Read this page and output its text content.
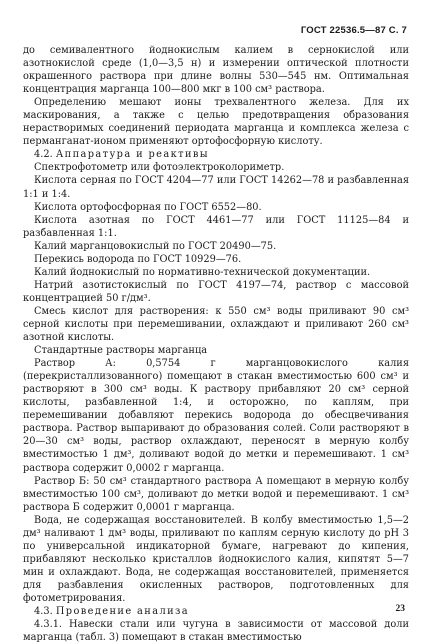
ГОСТ 22536.5—87 С. 7

до семивалентного йоднокислым калием в сернокислой или азотнокислой среде (1,0—3,5 н) и измерении оптической плотности окрашенного раствора при длине волны 530—545 нм. Оптимальная концентрация марганца 100—800 мкг в 100 см³ раствора.

Определению мешают ионы трехвалентного железа. Для их маскирования, а также с целью предотвращения образования нерастворимых соединений периодата марганца и комплекса железа с перманганат-ионом применяют ортофосфорную кислоту.

4.2. Аппаратура и реактивы

Спектрофотометр или фотоэлектроколориметр.

Кислота серная по ГОСТ 4204—77 или ГОСТ 14262—78 и разбавленная 1:1 и 1:4.

Кислота ортофосфорная по ГОСТ 6552—80.

Кислота азотная по ГОСТ 4461—77 или ГОСТ 11125—84 и разбавленная 1:1.

Калий марганцовокислый по ГОСТ 20490—75.

Перекись водорода по ГОСТ 10929—76.

Калий йоднокислый по нормативно-технической документации.

Натрий азотистокислый по ГОСТ 4197—74, раствор с массовой концентрацией 50 г/дм³.

Смесь кислот для растворения: к 550 см³ воды приливают 90 см³ серной кислоты при перемешивании, охлаждают и приливают 260 см³ азотной кислоты.

Стандартные растворы марганца

Раствор А: 0,5754 г марганцовокислого калия (перекристаллизованного) помещают в стакан вместимостью 600 см³ и растворяют в 300 см³ воды. К раствору прибавляют 20 см³ серной кислоты, разбавленной 1:4, и осторожно, по каплям, при перемешивании добавляют перекись водорода до обесцвечивания раствора. Раствор выпаривают до образования солей. Соли растворяют в 20—30 см³ воды, раствор охлаждают, переносят в мерную колбу вместимостью 1 дм³, доливают водой до метки и перемешивают. 1 см³ раствора содержит 0,0002 г марганца.

Раствор Б: 50 см³ стандартного раствора А помещают в мерную колбу вместимостью 100 см³, доливают до метки водой и перемешивают. 1 см³ раствора Б содержит 0,0001 г марганца.

Вода, не содержащая восстановителей. В колбу вместимостью 1,5—2 дм³ наливают 1 дм³ воды, приливают по каплям серную кислоту до pH 3 по универсальной индикаторной бумаге, нагревают до кипения, прибавляют несколько кристаллов йоднокислого калия, кипятят 5—7 мин и охлаждают. Вода, не содержащая восстановителей, применяется для разбавления окисленных растворов, подготовленных для фотометрирования.

4.3. Проведение анализа

4.3.1. Навески стали или чугуна в зависимости от массовой доли марганца (табл. 3) помещают в стакан вместимостью

23
